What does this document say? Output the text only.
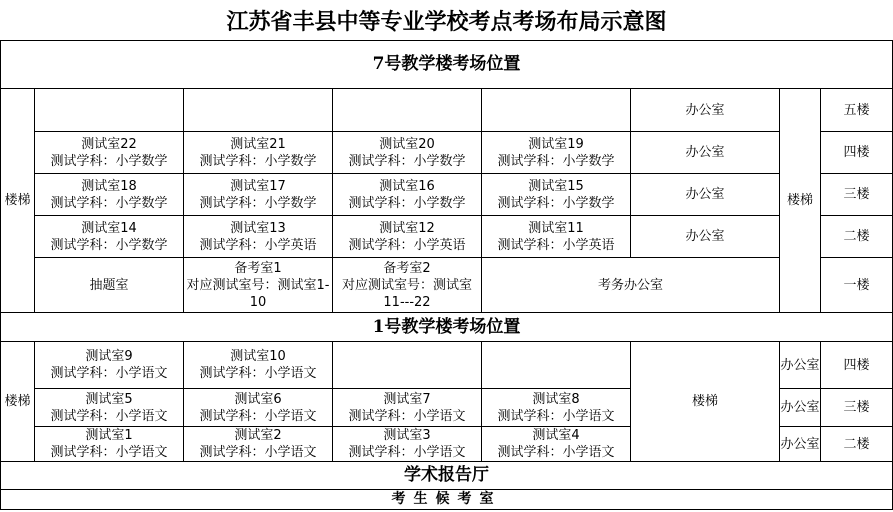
江苏省丰县中等专业学校考点考场布局示意图
7号教学楼考场位置
楼梯
办公室
测试室22
测试学科：小学数学
测试室21
测试学科：小学数学
测试室20
测试学科：小学数学
测试室19
测试学科：小学数学
办公室
测试室18
测试学科：小学数学
测试室17
测试学科：小学数学
测试室16
测试学科：小学数学
测试室15
测试学科：小学数学
办公室
测试室14
测试学科：小学数学
测试室13
测试学科：小学英语
测试室12
测试学科：小学英语
测试室11
测试学科：小学英语
办公室
抽题室
备考室1
对应测试室号：测试室1-10
备考室2
对应测试室号：测试室11---22
考务办公室
楼梯
五楼
四楼
三楼
二楼
一楼
1号教学楼考场位置
楼梯
测试室9
测试学科：小学语文
测试室10
测试学科：小学语文
办公室 四楼
测试室5
测试学科：小学语文
测试室6
测试学科：小学语文
测试室7
测试学科：小学语文
测试室8
测试学科：小学语文
办公室 三楼
测试室1
测试学科：小学语文
测试室2
测试学科：小学语文
测试室3
测试学科：小学语文
测试室4
测试学科：小学语文
办公室 二楼
楼梯
学术报告厅
考生候考室
